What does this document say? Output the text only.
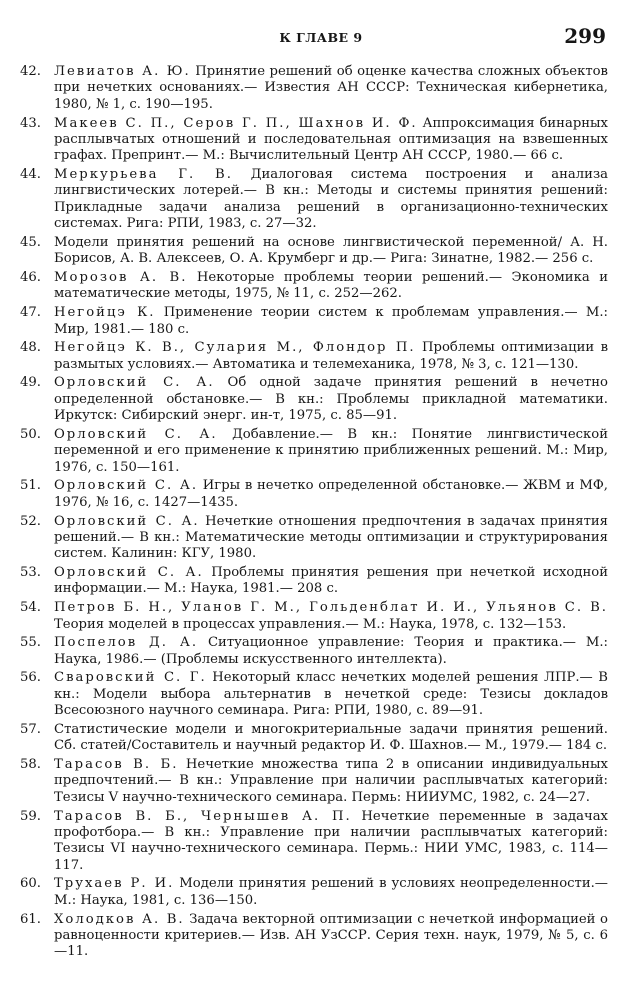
К ГЛАВЕ 9	299
42. Левиатов А. Ю. Принятие решений об оценке качества сложных объектов при нечетких основаниях.— Известия АН СССР: Техническая кибернетика, 1980, № 1, с. 190—195.
43. Макеев С. П., Серов Г. П., Шахнов И. Ф. Аппроксимация бинарных расплывчатых отношений и последовательная оптимизация на взвешенных графах. Препринт.— М.: Вычислительный Центр АН СССР, 1980.— 66 с.
44. Меркурьева Г. В. Диалоговая система построения и анализа лингвистических лотерей.— В кн.: Методы и системы принятия решений: Прикладные задачи анализа решений в организационно-технических системах. Рига: РПИ, 1983, с. 27—32.
45. Модели принятия решений на основе лингвистической переменной/ А. Н. Борисов, А. В. Алексеев, О. А. Крумберг и др.— Рига: Зинатне, 1982.— 256 с.
46. Морозов А. В. Некоторые проблемы теории решений.— Экономика и математические методы, 1975, № 11, с. 252—262.
47. Негойцэ К. Применение теории систем к проблемам управления.— М.: Мир, 1981.— 180 с.
48. Негойцэ К. В., Сулария М., Флондор П. Проблемы оптимизации в размытых условиях.— Автоматика и телемеханика, 1978, № 3, с. 121—130.
49. Орловский С. А. Об одной задаче принятия решений в нечетно определенной обстановке.— В кн.: Проблемы прикладной математики. Иркутск: Сибирский энерг. ин-т, 1975, с. 85—91.
50. Орловский С. А. Добавление.— В кн.: Понятие лингвистической переменной и его применение к принятию приближенных решений. М.: Мир, 1976, с. 150—161.
51. Орловский С. А. Игры в нечетко определенной обстановке.— ЖВМ и МФ, 1976, № 16, с. 1427—1435.
52. Орловский С. А. Нечеткие отношения предпочтения в задачах принятия решений.— В кн.: Математические методы оптимизации и структурирования систем. Калинин: КГУ, 1980.
53. Орловский С. А. Проблемы принятия решения при нечеткой исходной информации.— М.: Наука, 1981.— 208 с.
54. Петров Б. Н., Уланов Г. М., Гольденблат И. И., Ульянов С. В. Теория моделей в процессах управления.— М.: Наука, 1978, с. 132—153.
55. Поспелов Д. А. Ситуационное управление: Теория и практика.— М.: Наука, 1986.— (Проблемы искусственного интеллекта).
56. Сваровский С. Г. Некоторый класс нечетких моделей решения ЛПР.— В кн.: Модели выбора альтернатив в нечеткой среде: Тезисы докладов Всесоюзного научного семинара. Рига: РПИ, 1980, с. 89—91.
57. Статистические модели и многокритериальные задачи принятия решений. Сб. статей/Составитель и научный редактор И. Ф. Шахнов.— М., 1979.— 184 с.
58. Тарасов В. Б. Нечеткие множества типа 2 в описании индивидуальных предпочтений.— В кн.: Управление при наличии расплывчатых категорий: Тезисы V научно-технического семинара. Пермь: НИИУМС, 1982, с. 24—27.
59. Тарасов В. Б., Чернышев А. П. Нечеткие переменные в задачах профотбора.— В кн.: Управление при наличии расплывчатых категорий: Тезисы VI научно-технического семинара. Пермь.: НИИ УМС, 1983, с. 114—117.
60. Трухаев Р. И. Модели принятия решений в условиях неопределенности.— М.: Наука, 1981, с. 136—150.
61. Холодков А. В. Задача векторной оптимизации с нечеткой информацией о равноценности критериев.— Изв. АН УзССР. Серия техн. наук, 1979, № 5, с. 6—11.
